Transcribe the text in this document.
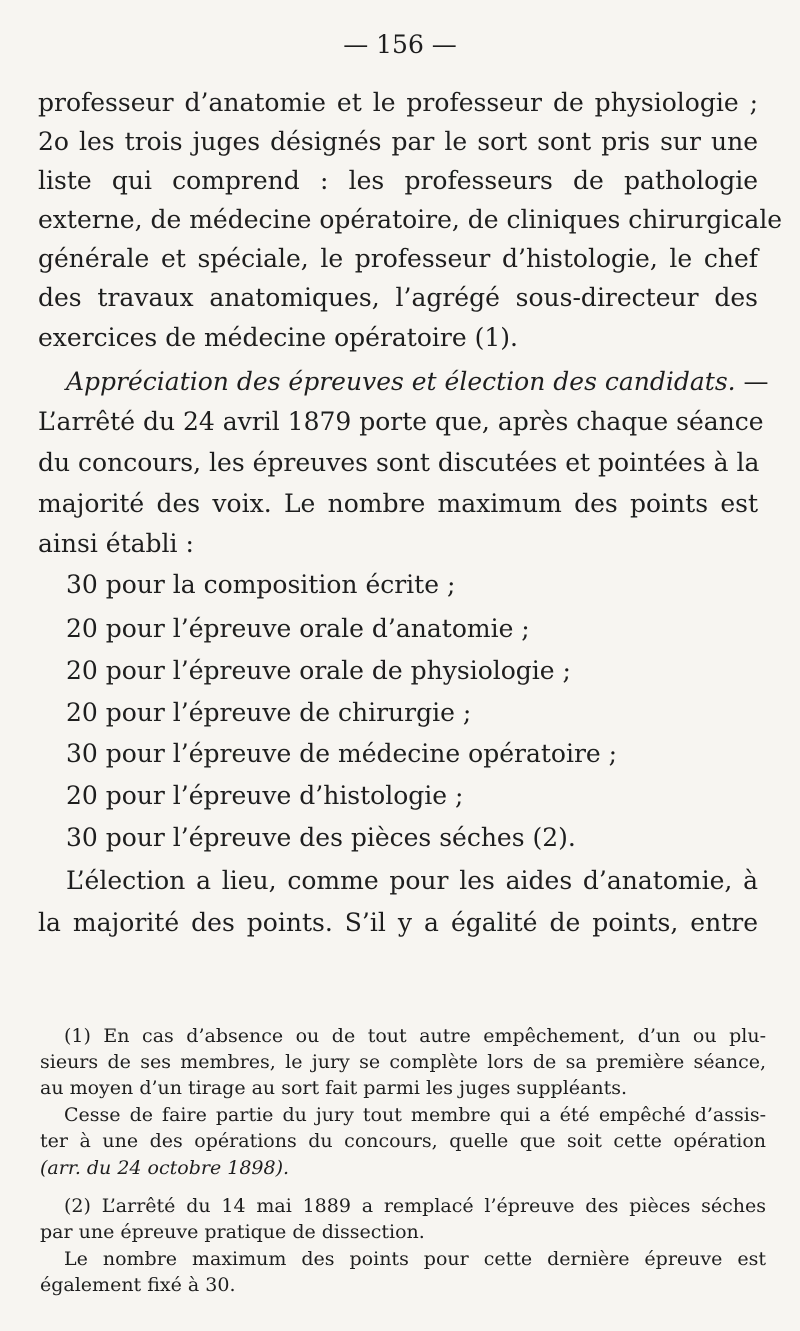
— 156 —
professeur d’anatomie et le professeur de physiologie ;
2o les trois juges désignés par le sort sont pris sur une
liste qui comprend : les professeurs de pathologie
externe, de médecine opératoire, de cliniques chirurgicale
générale et spéciale, le professeur d’histologie, le chef
des travaux anatomiques, l’agrégé sous-directeur des
exercices de médecine opératoire (1).
Appréciation des épreuves et élection des candidats. —
L’arrêté du 24 avril 1879 porte que, après chaque séance
du concours, les épreuves sont discutées et pointées à la
majorité des voix. Le nombre maximum des points est
ainsi établi :
30 pour la composition écrite ;
20 pour l’épreuve orale d’anatomie ;
20 pour l’épreuve orale de physiologie ;
20 pour l’épreuve de chirurgie ;
30 pour l’épreuve de médecine opératoire ;
20 pour l’épreuve d’histologie ;
30 pour l’épreuve des pièces séches (2).
L’élection a lieu, comme pour les aides d’anatomie, à
la majorité des points. S’il y a égalité de points, entre
(1) En cas d’absence ou de tout autre empêchement, d’un ou plu-
sieurs de ses membres, le jury se complète lors de sa première séance,
au moyen d’un tirage au sort fait parmi les juges suppléants.
Cesse de faire partie du jury tout membre qui a été empêché d’assis-
ter à une des opérations du concours, quelle que soit cette opération
(arr. du 24 octobre 1898).
(2) L’arrêté du 14 mai 1889 a remplacé l’épreuve des pièces séches
par une épreuve pratique de dissection.
Le nombre maximum des points pour cette dernière épreuve est
également fixé à 30.
